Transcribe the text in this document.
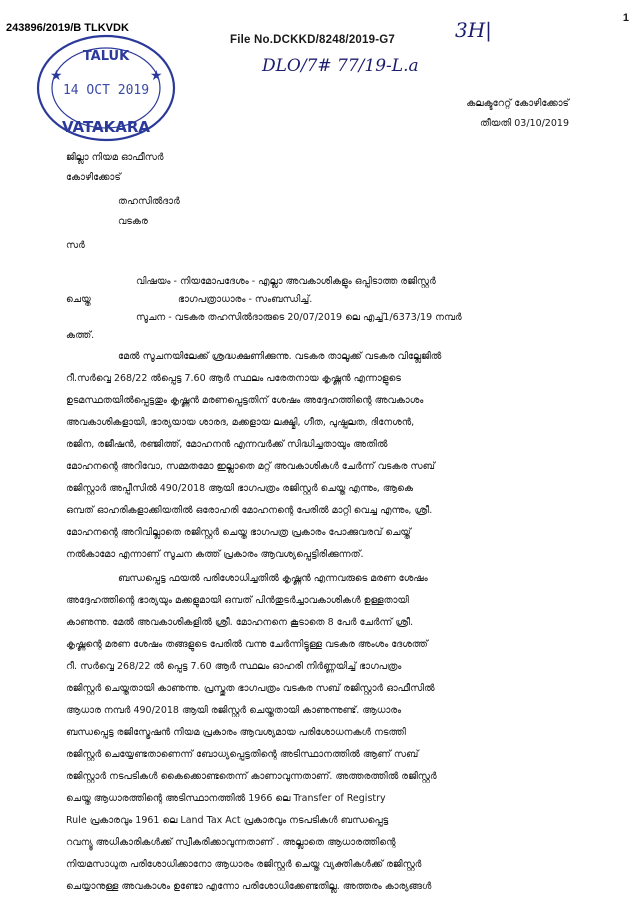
243896/2019/B TLKVDK
1
File No.DCKKD/8248/2019-G7	3H|
DLO/7# 77/19-L.a
TALUK
14 OCT 2019
VATAKARA
★	★
കലക്ടറേറ്റ് കോഴിക്കോട്
തീയതി 03/10/2019
ജില്ലാ നിയമ ഓഫീസർ
കോഴിക്കോട്
തഹസിൽദാർ
വടകര
സർ
വിഷയം - നിയമോപദേശം - എല്ലാ അവകാശികളും ഒപ്പിടാത്ത രജിസ്റ്റർ
ചെയ്ത	ഭാഗപത്രാധാരം - സംബന്ധിച്ച്.
സൂചന - വടകര തഹസിൽദാരുടെ 20/07/2019 ലെ എച്ച്1/6373/19 നമ്പർ
കത്ത്.
മേൽ സൂചനയിലേക്ക് ശ്രദ്ധക്ഷണിക്കുന്നു. വടകര താലൂക്ക് വടകര വില്ലേജിൽ
റീ.സർവ്വെ 268/22 ൽപ്പെട്ട 7.60 ആർ സ്ഥലം പരേതനായ കൃഷ്ണൻ എന്നാളുടെ
ഉടമസ്ഥതയിൽപ്പെട്ടതും കൃഷ്ണൻ മരണപ്പെട്ടതിന് ശേഷം അദ്ദേഹത്തിന്റെ അവകാശം
അവകാശികളായി, ഭാര്യയായ ശാരദ, മക്കളായ ലക്ഷ്മി, ഗീത, പുഷ്പലത, ദിനേശൻ,
രജിന, രജീഷൻ, രഞ്ജിത്ത്, മോഹനൻ എന്നവർക്ക് സിദ്ധിച്ചതായും അതിൽ
മോഹനന്റെ അറിവോ, സമ്മതമോ ഇല്ലാതെ മറ്റ് അവകാശികൾ ചേർന്ന് വടകര സബ്
രജിസ്റ്റാർ അപ്പീസിൽ 490/2018 ആയി ഭാഗപത്രം രജിസ്റ്റർ ചെയ്ത എന്നും, ആകെ
ഒമ്പത് ഓഹരികളാക്കിയതിൽ ഒരോഹരി മോഹനന്റെ പേരിൽ മാറ്റി വെച്ച എന്നും, ശ്രീ.
മോഹനന്റെ അറിവില്ലാതെ രജിസ്റ്റർ ചെയ്ത ഭാഗപത്ര പ്രകാരം പോക്കുവരവ് ചെയ്ത്
നൽകാമോ എന്നാണ് സൂചന കത്ത് പ്രകാരം ആവശ്യപ്പെട്ടിരിക്കുന്നത്.
ബന്ധപ്പെട്ട ഫയൽ പരിശോധിച്ചതിൽ കൃഷ്ണൻ എന്നവരുടെ മരണ ശേഷം
അദ്ദേഹത്തിന്റെ ഭാര്യയും മക്കളുമായി ഒമ്പത് പിൻതുടർച്ചാവകാശികൾ ഉള്ളതായി
കാണുന്നു. മേൽ അവകാശികളിൽ ശ്രീ. മോഹനനെ കൂടാതെ 8 പേർ ചേർന്ന് ശ്രീ.
കൃഷ്ണന്റെ മരണ ശേഷം തങ്ങളുടെ പേരിൽ വന്നു ചേർന്നിട്ടുള്ള വടകര അംശം ദേശത്ത്
റീ. സർവ്വെ 268/22 ൽ പ്പെട്ട 7.60 ആർ സ്ഥലം ഓഹരി നിർണ്ണയിച്ച് ഭാഗപത്രം
രജിസ്റ്റർ ചെയ്തതായി കാണുന്നു. പ്രസ്തുത ഭാഗപത്രം വടകര സബ് രജിസ്റ്റാർ ഓഫീസിൽ
ആധാര നമ്പർ 490/2018 ആയി രജിസ്റ്റർ ചെയ്തതായി കാണുന്നുണ്ട്. ആധാരം
ബന്ധപ്പെട്ട രജിസ്ട്രേഷൻ നിയമ പ്രകാരം ആവശ്യമായ പരിശോധനകൾ നടത്തി
രജിസ്റ്റർ ചെയ്യേണ്ടതാണെന്ന് ബോധ്യപ്പെട്ടതിന്റെ അടിസ്ഥാനത്തിൽ ആണ് സബ്
രജിസ്റ്റാർ നടപടികൾ കൈക്കൊണ്ടതെന്ന് കാണാവുന്നതാണ്. അത്തരത്തിൽ രജിസ്റ്റർ
ചെയ്ത ആധാരത്തിന്റെ അടിസ്ഥാനത്തിൽ 1966 ലെ Transfer of Registry
Rule പ്രകാരവും 1961 ലെ Land Tax Act പ്രകാരവും നടപടികൾ ബന്ധപ്പെട്ട
റവന്യൂ അധികാരികൾക്ക് സ്വീകരിക്കാവുന്നതാണ് . അല്ലാതെ ആധാരത്തിന്റെ
നിയമസാധുത പരിശോധിക്കാനോ ആധാരം രജിസ്റ്റർ ചെയ്ത വ്യക്തികൾക്ക് രജിസ്റ്റർ
ചെയ്യാനുള്ള അവകാശം ഉണ്ടോ എന്നോ പരിശോധിക്കേണ്ടതില്ല. അത്തരം കാര്യങ്ങൾ
